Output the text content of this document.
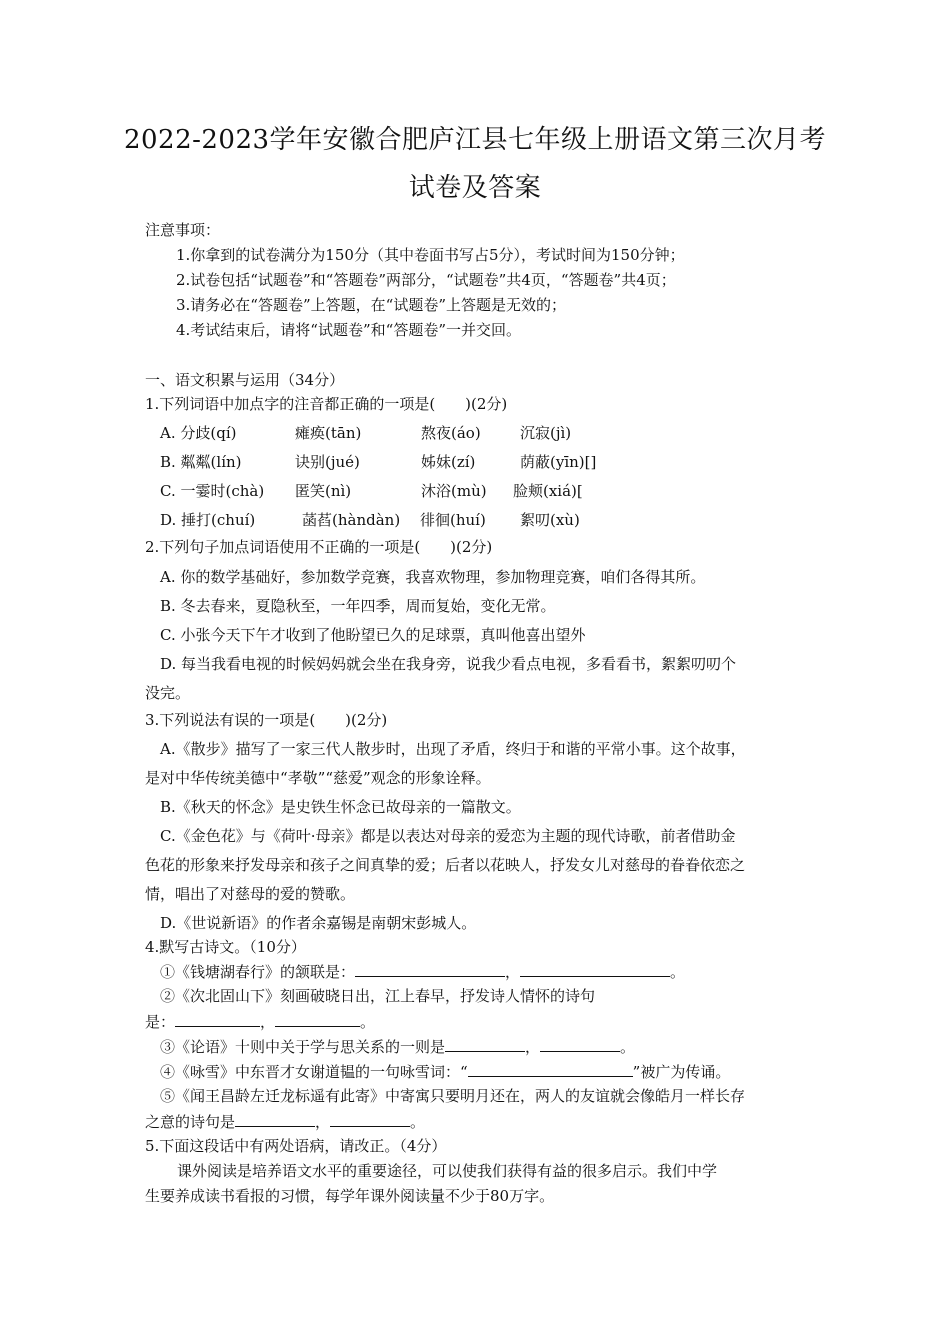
2022-2023学年安徽合肥庐江县七年级上册语文第三次月考
试卷及答案
注意事项：
1.你拿到的试卷满分为150分（其中卷面书写占5分），考试时间为150分钟；
2.试卷包括“试题卷”和“答题卷”两部分，“试题卷”共4页，“答题卷”共4页；
3.请务必在“答题卷”上答题，在“试题卷”上答题是无效的；
4.考试结束后，请将“试题卷”和“答题卷”一并交回。
一、语文积累与运用（34分）
1.下列词语中加点字的注音都正确的一项是(　　)(2分)
A. 分歧(qí)	瘫痪(tān)	熬夜(áo)	沉寂(jì)
B. 粼粼(lín)	诀别(jué)	姊妹(zí)	荫蔽(yīn)[]
C. 一霎时(chà) 匿笑(nì)	沐浴(mù) 脸颊(xiá)[
D. 捶打(chuí)	菡萏(hàndàn) 徘徊(huí) 絮叨(xù)
2.下列句子加点词语使用不正确的一项是(　　)(2分)
A. 你的数学基础好，参加数学竞赛，我喜欢物理，参加物理竞赛，咱们各得其所。
B. 冬去春来，夏隐秋至，一年四季，周而复始，变化无常。
C. 小张今天下午才收到了他盼望已久的足球票，真叫他喜出望外
D. 每当我看电视的时候妈妈就会坐在我身旁，说我少看点电视，多看看书，絮絮叨叨个
没完。
3.下列说法有误的一项是(　　)(2分)
A.《散步》描写了一家三代人散步时，出现了矛盾，终归于和谐的平常小事。这个故事，
是对中华传统美德中“孝敬”“慈爱”观念的形象诠释。
B.《秋天的怀念》是史铁生怀念已故母亲的一篇散文。
C.《金色花》与《荷叶·母亲》都是以表达对母亲的爱恋为主题的现代诗歌，前者借助金
色花的形象来抒发母亲和孩子之间真挚的爱；后者以花映人，抒发女儿对慈母的眷眷依恋之
情，唱出了对慈母的爱的赞歌。
D.《世说新语》的作者余嘉锡是南朝宋彭城人。
4.默写古诗文。（10分）
①《钱塘湖春行》的颔联是：	，	。
②《次北固山下》刻画破晓日出，江上春早，抒发诗人情怀的诗句
是：	，	。
③《论语》十则中关于学与思关系的一则是	，	。
④《咏雪》中东晋才女谢道韫的一句咏雪词：“	”被广为传诵。
⑤《闻王昌龄左迁龙标遥有此寄》中寄寓只要明月还在，两人的友谊就会像皓月一样长存
之意的诗句是	，	。
5.下面这段话中有两处语病，请改正。（4分）
课外阅读是培养语文水平的重要途径，可以使我们获得有益的很多启示。我们中学
生要养成读书看报的习惯，每学年课外阅读量不少于80万字。
